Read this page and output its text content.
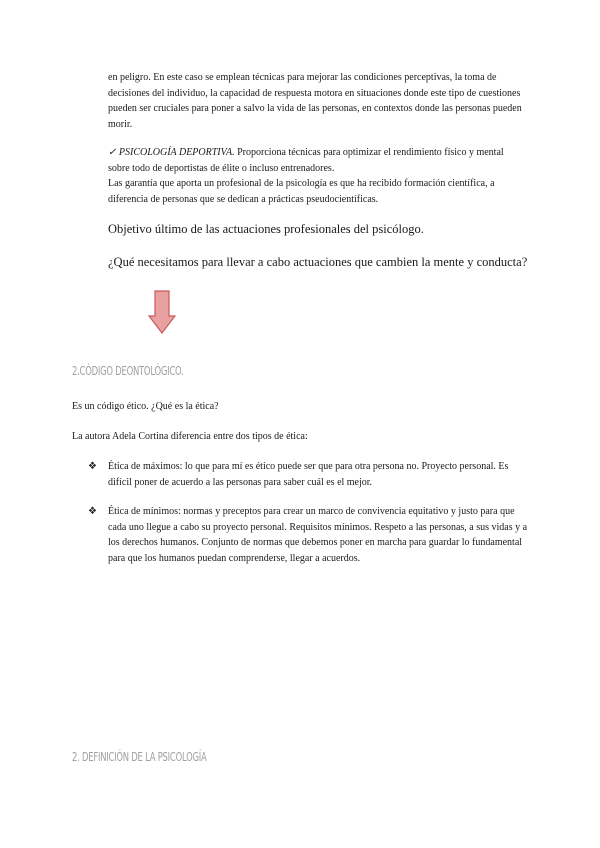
en peligro. En este caso se emplean técnicas para mejorar las condiciones perceptivas, la toma de decisiones del individuo, la capacidad de respuesta motora en situaciones donde este tipo de cuestiones pueden ser cruciales para poner a salvo la vida de las personas, en contextos donde las personas pueden morir.
✓ PSICOLOGÍA DEPORTIVA. Proporciona técnicas para optimizar el rendimiento físico y mental sobre todo de deportistas de élite o incluso entrenadores.
Las garantía que aporta un profesional de la psicología es que ha recibido formación científica, a diferencia de personas que se dedican a prácticas pseudocientíficas.
Objetivo último de las actuaciones profesionales del psicólogo.
¿Qué necesitamos para llevar a cabo actuaciones que cambien la mente y conducta?
2.CÓDIGO DEONTOLÓGICO.
Es un código ético. ¿Qué es la ética?
La autora Adela Cortina diferencia entre dos tipos de ética:
❖	Ética de máximos: lo que para mí es ético puede ser que para otra persona no. Proyecto personal. Es difícil poner de acuerdo a las personas para saber cuál es el mejor.
❖	Ética de mínimos: normas y preceptos para crear un marco de convivencia equitativo y justo para que cada uno llegue a cabo su proyecto personal. Requisitos mínimos. Respeto a las personas, a sus vidas y a los derechos humanos. Conjunto de normas que debemos poner en marcha para guardar lo fundamental para que los humanos puedan comprenderse, llegar a acuerdos.
2. DEFINICIÓN DE LA PSICOLOGÍA
